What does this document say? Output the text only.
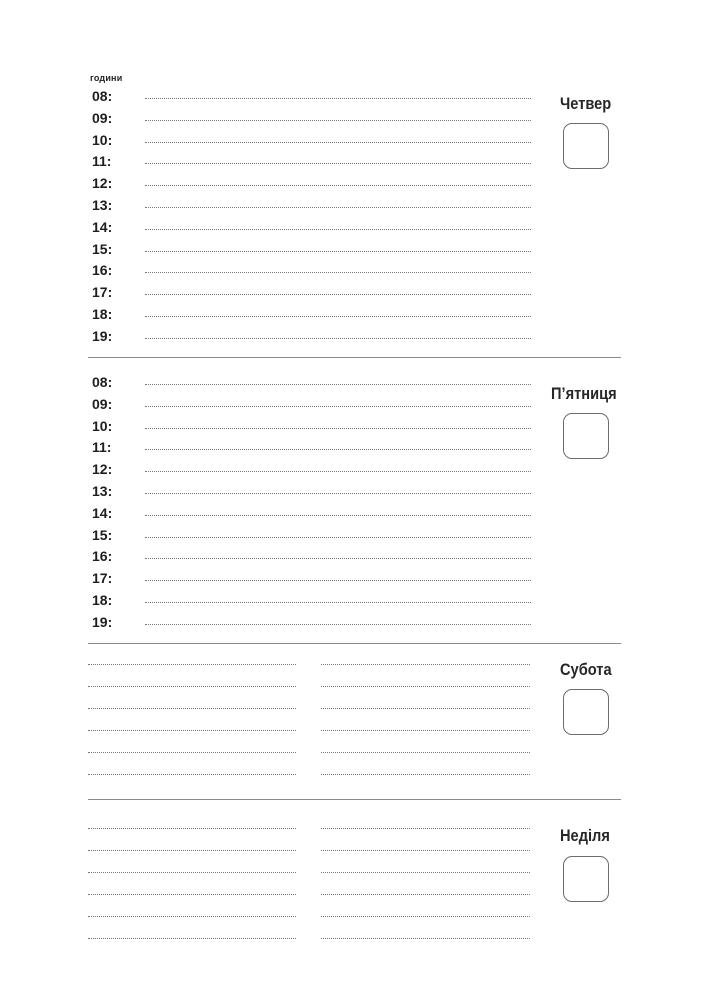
години
Четвер
П’ятниця
Субота
Неділя
08:
09:
10:
11:
12:
13:
14:
15:
16:
17:
18:
19:
08:
09:
10:
11:
12:
13:
14:
15:
16:
17:
18:
19:
